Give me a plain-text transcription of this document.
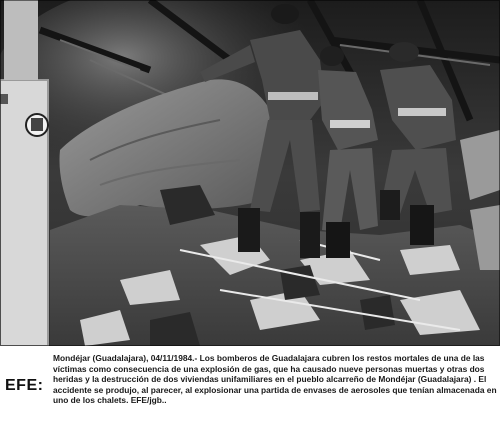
EFE:

Mondéjar (Guadalajara), 04/11/1984.- Los bomberos de Guadalajara cubren los restos mortales de una de las víctimas como consecuencia de una explosión de gas, que ha causado nueve personas muertas y otras dos heridas y la destrucción de dos viviendas unifamiliares en el pueblo alcarreño de Mondéjar (Guadalajara) . El accidente se produjo, al parecer, al explosionar una partida de envases de aerosoles que tenían almacenada en uno de los chalets. EFE/jgb..
